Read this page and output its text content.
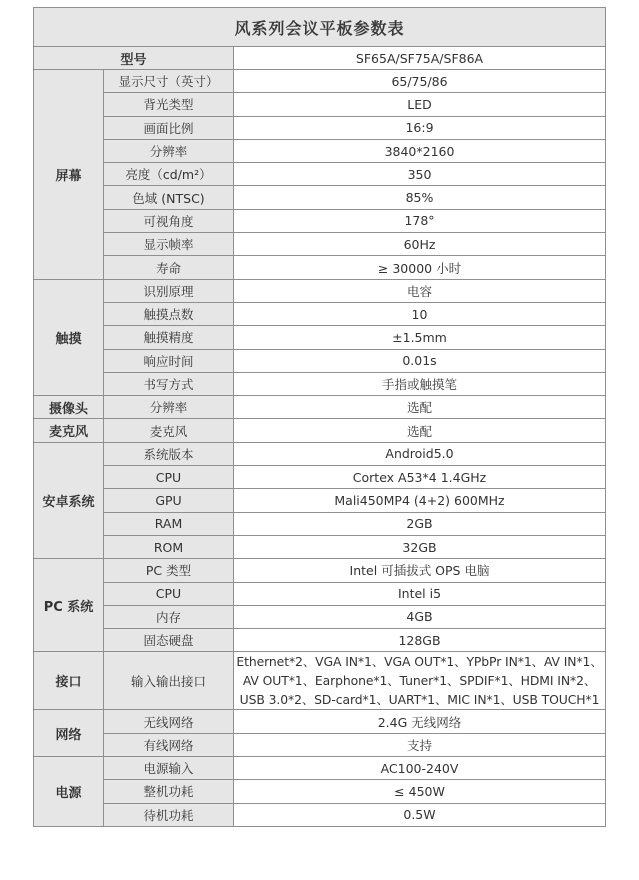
风系列会议平板参数表		
型号		SF65A/SF75A/SF86A
屏幕	显示尺寸（英寸）	65/75/86
	背光类型	LED
	画面比例	16:9
	分辨率	3840*2160
	亮度（cd/m²）	350
	色域 (NTSC)	85%
	可视角度	178°
	显示帧率	60Hz
	寿命	≥ 30000 小时
触摸	识别原理	电容
	触摸点数	10
	触摸精度	±1.5mm
	响应时间	0.01s
	书写方式	手指或触摸笔
摄像头	分辨率	选配
麦克风	麦克风	选配
安卓系统	系统版本	Android5.0
	CPU	Cortex A53*4 1.4GHz
	GPU	Mali450MP4 (4+2) 600MHz
	RAM	2GB
	ROM	32GB
PC 系统	PC 类型	Intel 可插拔式 OPS 电脑
	CPU	Intel i5
	内存	4GB
	固态硬盘	128GB
接口	输入输出接口	Ethernet*2、VGA IN*1、VGA OUT*1、YPbPr IN*1、AV IN*1、
AV OUT*1、Earphone*1、Tuner*1、SPDIF*1、HDMI IN*2、
USB 3.0*2、SD-card*1、UART*1、MIC IN*1、USB TOUCH*1

网络	无线网络	2.4G 无线网络
	有线网络	支持
电源	电源输入	AC100-240V
	整机功耗	≤ 450W
	待机功耗	0.5W
